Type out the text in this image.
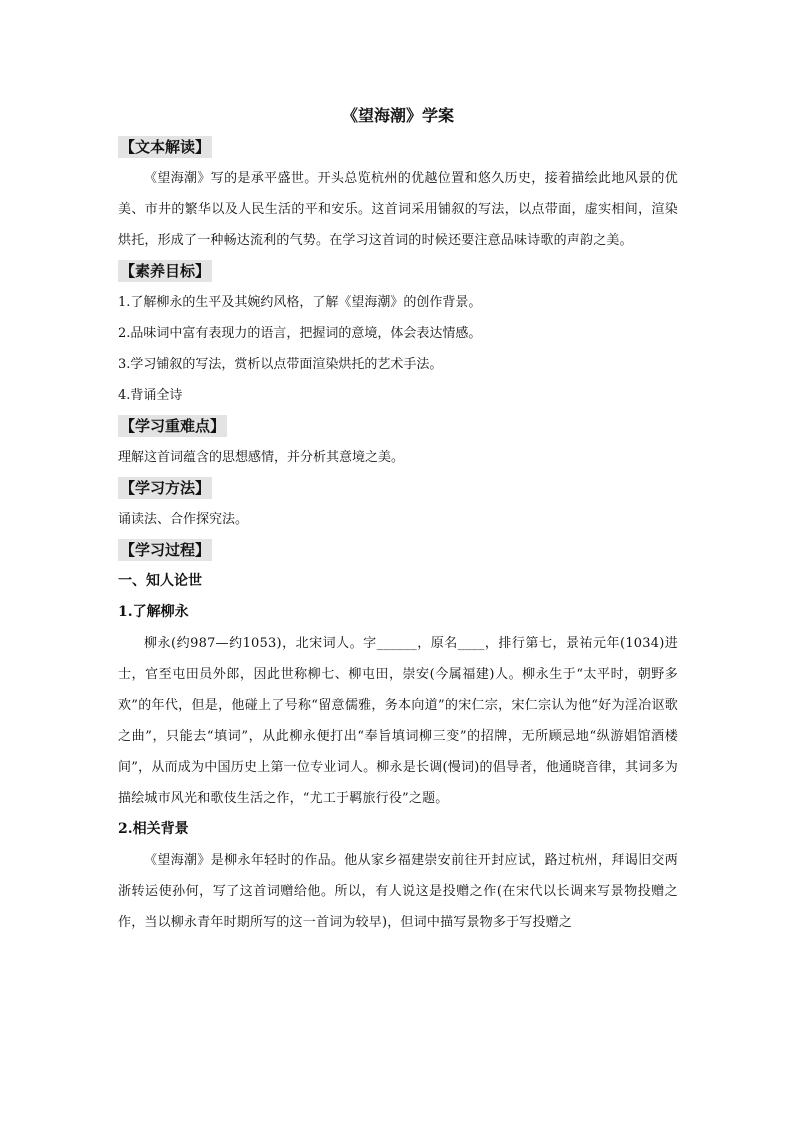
《望海潮》学案
【文本解读】

《望海潮》写的是承平盛世。开头总览杭州的优越位置和悠久历史，接着描绘此地风景的优美、市井的繁华以及人民生活的平和安乐。这首词采用铺叙的写法，以点带面，虚实相间，渲染烘托，形成了一种畅达流利的气势。在学习这首词的时候还要注意品味诗歌的声韵之美。

【素养目标】

1.了解柳永的生平及其婉约风格，了解《望海潮》的创作背景。

2.品味词中富有表现力的语言，把握词的意境，体会表达情感。

3.学习铺叙的写法，赏析以点带面渲染烘托的艺术手法。

4.背诵全诗

【学习重难点】

理解这首词蕴含的思想感情，并分析其意境之美。

【学习方法】

诵读法、合作探究法。

【学习过程】

一、知人论世

1.了解柳永

柳永(约987—约1053)，北宋词人。字______，原名____，排行第七，景祐元年(1034)进士，官至屯田员外郎，因此世称柳七、柳屯田，崇安(今属福建)人。柳永生于“太平时，朝野多欢”的年代，但是，他碰上了号称“留意儒雅，务本向道”的宋仁宗，宋仁宗认为他“好为淫冶讴歌之曲”，只能去“填词”，从此柳永便打出“奉旨填词柳三变”的招牌，无所顾忌地“纵游娼馆酒楼间”，从而成为中国历史上第一位专业词人。柳永是长调(慢词)的倡导者，他通晓音律，其词多为描绘城市风光和歌伎生活之作，“尤工于羁旅行役”之题。

2.相关背景

《望海潮》是柳永年轻时的作品。他从家乡福建崇安前往开封应试，路过杭州，拜谒旧交两浙转运使孙何，写了这首词赠给他。所以，有人说这是投赠之作(在宋代以长调来写景物投赠之作，当以柳永青年时期所写的这一首词为较早)，但词中描写景物多于写投赠之
